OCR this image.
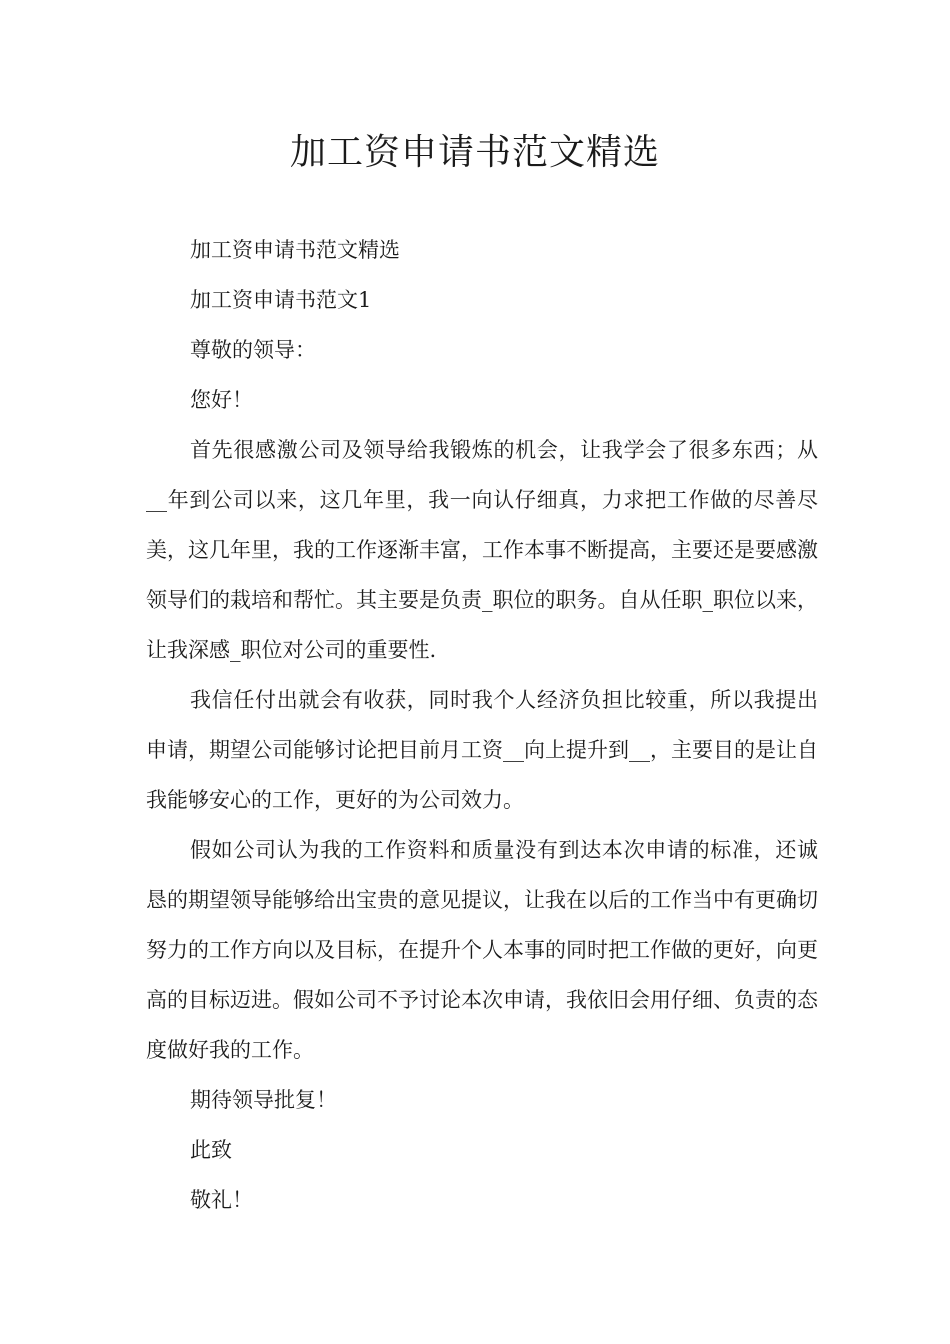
加工资申请书范文精选

加工资申请书范文精选

加工资申请书范文1

尊敬的领导：

您好！

首先很感激公司及领导给我锻炼的机会，让我学会了很多东西；从__年到公司以来，这几年里，我一向认仔细真，力求把工作做的尽善尽美，这几年里，我的工作逐渐丰富，工作本事不断提高，主要还是要感激领导们的栽培和帮忙。其主要是负责_职位的职务。自从任职_职位以来，让我深感_职位对公司的重要性.

我信任付出就会有收获，同时我个人经济负担比较重，所以我提出申请，期望公司能够讨论把目前月工资__向上提升到__，主要目的是让自我能够安心的工作，更好的为公司效力。

假如公司认为我的工作资料和质量没有到达本次申请的标准，还诚恳的期望领导能够给出宝贵的意见提议，让我在以后的工作当中有更确切努力的工作方向以及目标，在提升个人本事的同时把工作做的更好，向更高的目标迈进。假如公司不予讨论本次申请，我依旧会用仔细、负责的态度做好我的工作。

期待领导批复！

此致

敬礼！
